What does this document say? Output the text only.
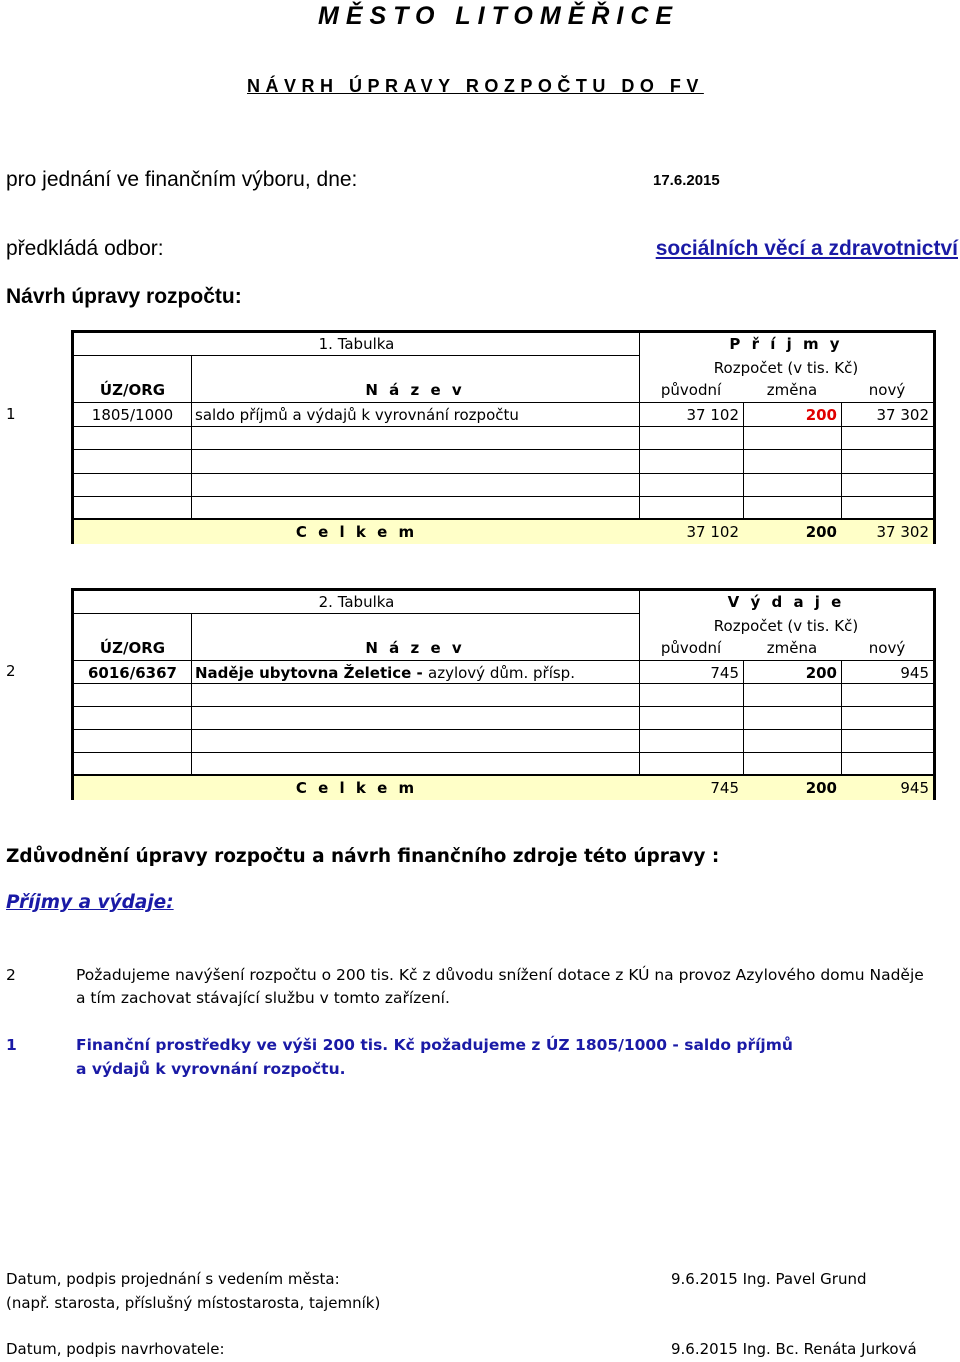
MĚSTO LITOMĚŘICE
NÁVRH ÚPRAVY ROZPOČTU DO FV
pro jednání ve finančním výboru, dne:	17.6.2015
předkládá odbor:	sociálních věcí a zdravotnictví
Návrh úpravy rozpočtu:
1
1. Tabulka	P ř í j m y
Rozpočet (v tis. Kč)
ÚZ/ORG	N á z e v	původní	změna	nový
1805/1000	saldo příjmů a výdajů k vyrovnání rozpočtu	37 102	200	37 302
C e l k e m	37 102	200	37 302
2
2. Tabulka	V ý d a j e
Rozpočet (v tis. Kč)
ÚZ/ORG	N á z e v	původní	změna	nový
6016/6367	Naděje ubytovna Želetice - azylový dům. přísp.	745	200	945
C e l k e m	745	200	945
Zdůvodnění úpravy rozpočtu a návrh finančního zdroje této úpravy :
Příjmy a výdaje:
2	Požadujeme navýšení rozpočtu o 200 tis. Kč z důvodu snížení dotace z KÚ na provoz Azylového domu Naděje
a tím zachovat stávající službu v tomto zařízení.
1	Finanční prostředky ve výši 200 tis. Kč požadujeme z ÚZ 1805/1000 - saldo příjmů
a výdajů k vyrovnání rozpočtu.
Datum, podpis projednání s vedením města:	9.6.2015 Ing. Pavel Grund
(např. starosta, příslušný místostarosta, tajemník)
Datum, podpis navrhovatele:	9.6.2015 Ing. Bc. Renáta Jurková
